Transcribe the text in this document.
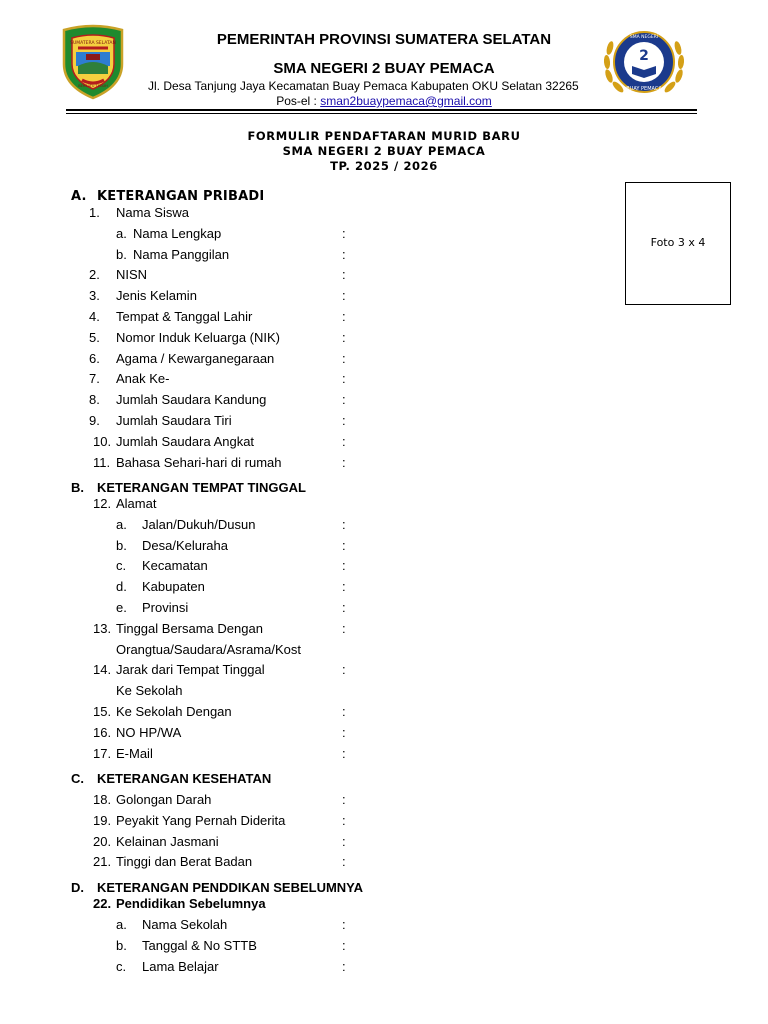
SUMATERA SELATAN
BERSATU TEGUH
2
SMA NEGERI
BUAY PEMACA
PEMERINTAH PROVINSI SUMATERA SELATAN
SMA NEGERI 2 BUAY PEMACA
Jl. Desa Tanjung Jaya Kecamatan Buay Pemaca Kabupaten OKU Selatan 32265
Pos-el : sman2buaypemaca@gmail.com
FORMULIR PENDAFTARAN MURID BARU
SMA NEGERI 2 BUAY PEMACA
TP. 2025 / 2026
Foto 3 x 4
A. KETERANGAN PRIBADI
1. Nama Siswa
a. Nama Lengkap	:
b. Nama Panggilan	:
2. NISN	:
3. Jenis Kelamin	:
4. Tempat & Tanggal Lahir	:
5. Nomor Induk Keluarga (NIK)	:
6. Agama / Kewarganegaraan	:
7. Anak Ke-	:
8. Jumlah Saudara Kandung	:
9. Jumlah Saudara Tiri	:
10. Jumlah Saudara Angkat	:
11. Bahasa Sehari-hari di rumah	:
B. KETERANGAN TEMPAT TINGGAL
12. Alamat
a. Jalan/Dukuh/Dusun	:
b. Desa/Keluraha	:
c. Kecamatan	:
d. Kabupaten	:
e. Provinsi	:
13. Tinggal Bersama Dengan	:
Orangtua/Saudara/Asrama/Kost
14. Jarak dari Tempat Tinggal	:
Ke Sekolah
15. Ke Sekolah Dengan	:
16. NO HP/WA	:
17. E-Mail	:
C. KETERANGAN KESEHATAN
18. Golongan Darah	:
19. Peyakit Yang Pernah Diderita	:
20. Kelainan Jasmani	:
21. Tinggi dan Berat Badan	:
D. KETERANGAN PENDDIKAN SEBELUMNYA
22. Pendidikan Sebelumnya
a. Nama Sekolah	:
b. Tanggal & No STTB	:
c. Lama Belajar	:
